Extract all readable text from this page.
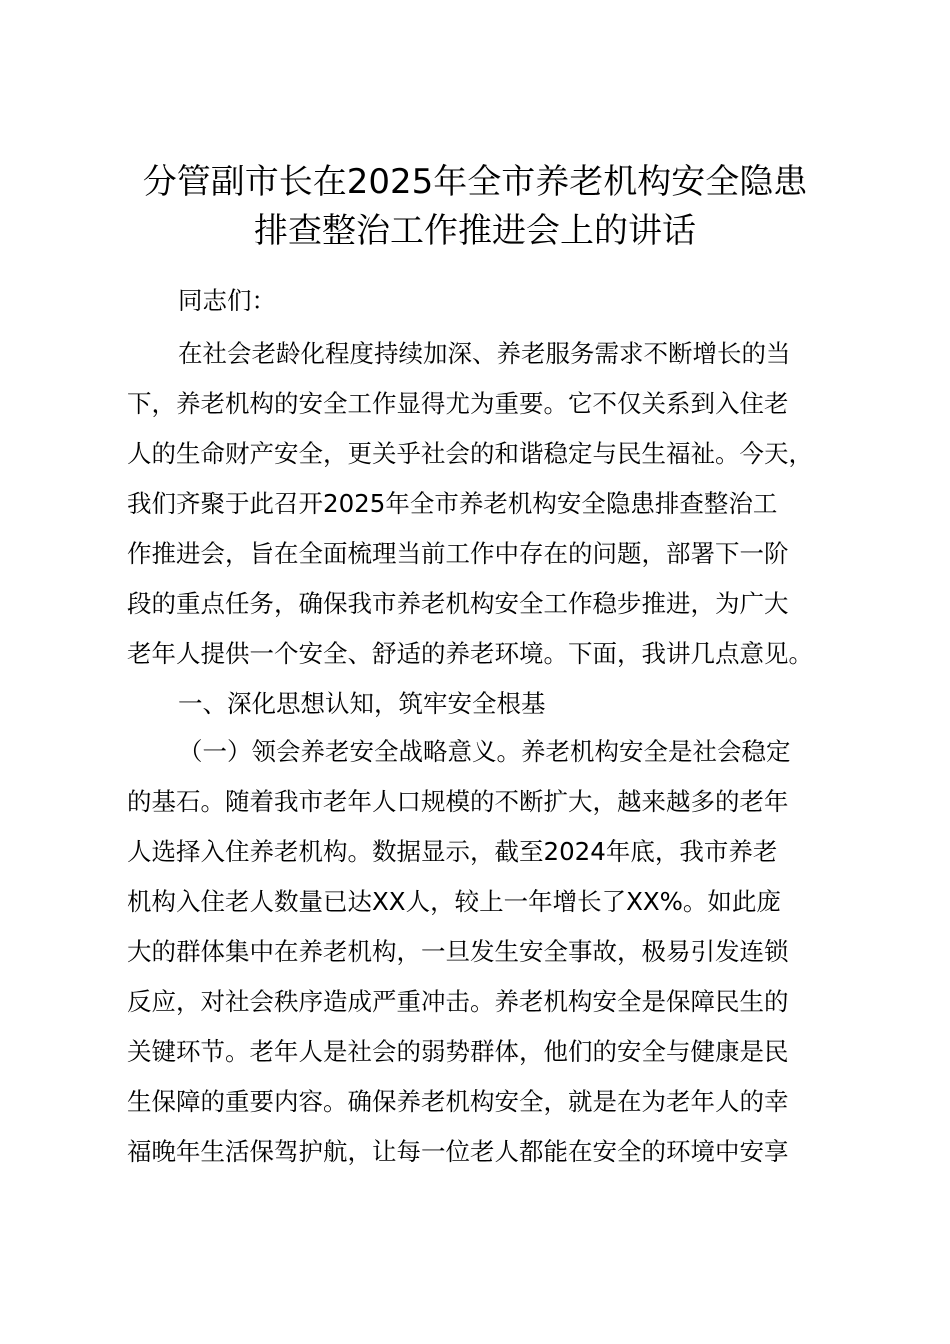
分管副市长在2025年全市养老机构安全隐患
排查整治工作推进会上的讲话
同志们：
在社会老龄化程度持续加深、养老服务需求不断增长的当
下，养老机构的安全工作显得尤为重要。它不仅关系到入住老
人的生命财产安全，更关乎社会的和谐稳定与民生福祉。今天，
我们齐聚于此召开2025年全市养老机构安全隐患排查整治工
作推进会，旨在全面梳理当前工作中存在的问题，部署下一阶
段的重点任务，确保我市养老机构安全工作稳步推进，为广大
老年人提供一个安全、舒适的养老环境。下面，我讲几点意见。
一、深化思想认知，筑牢安全根基
（一）领会养老安全战略意义。养老机构安全是社会稳定
的基石。随着我市老年人口规模的不断扩大，越来越多的老年
人选择入住养老机构。数据显示，截至2024年底，我市养老
机构入住老人数量已达XX人，较上一年增长了XX%。如此庞
大的群体集中在养老机构，一旦发生安全事故，极易引发连锁
反应，对社会秩序造成严重冲击。养老机构安全是保障民生的
关键环节。老年人是社会的弱势群体，他们的安全与健康是民
生保障的重要内容。确保养老机构安全，就是在为老年人的幸
福晚年生活保驾护航，让每一位老人都能在安全的环境中安享
